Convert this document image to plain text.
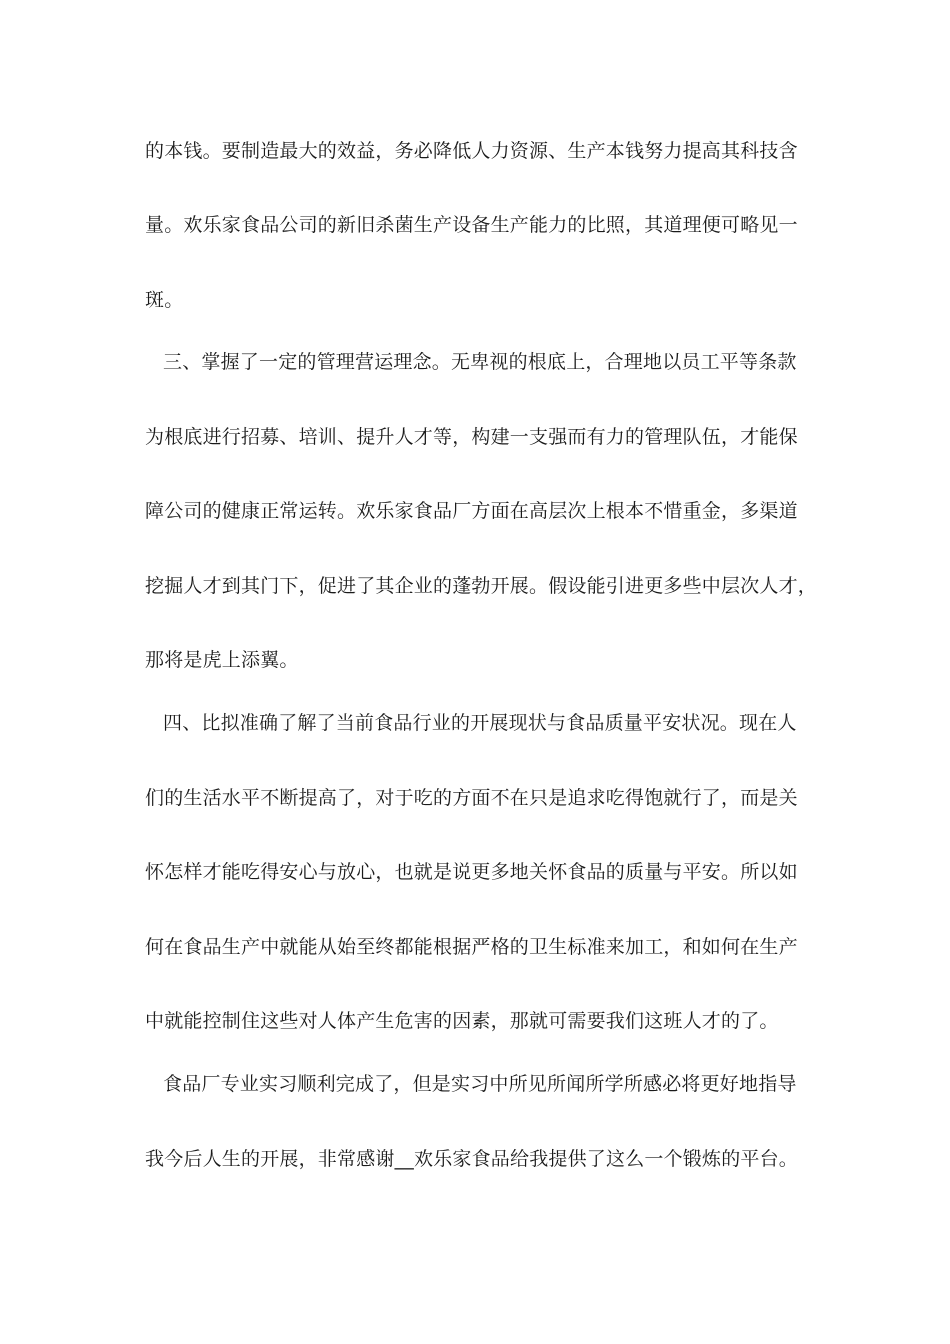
的本钱。要制造最大的效益，务必降低人力资源、生产本钱努力提高其科技含
量。欢乐家食品公司的新旧杀菌生产设备生产能力的比照，其道理便可略见一
斑。
三、掌握了一定的管理营运理念。无卑视的根底上，合理地以员工平等条款
为根底进行招募、培训、提升人才等，构建一支强而有力的管理队伍，才能保
障公司的健康正常运转。欢乐家食品厂方面在高层次上根本不惜重金，多渠道
挖掘人才到其门下，促进了其企业的蓬勃开展。假设能引进更多些中层次人才，
那将是虎上添翼。
四、比拟准确了解了当前食品行业的开展现状与食品质量平安状况。现在人
们的生活水平不断提高了，对于吃的方面不在只是追求吃得饱就行了，而是关
怀怎样才能吃得安心与放心，也就是说更多地关怀食品的质量与平安。所以如
何在食品生产中就能从始至终都能根据严格的卫生标准来加工，和如何在生产
中就能控制住这些对人体产生危害的因素，那就可需要我们这班人才的了。
食品厂专业实习顺利完成了，但是实习中所见所闻所学所感必将更好地指导
我今后人生的开展，非常感谢__欢乐家食品给我提供了这么一个锻炼的平台。
